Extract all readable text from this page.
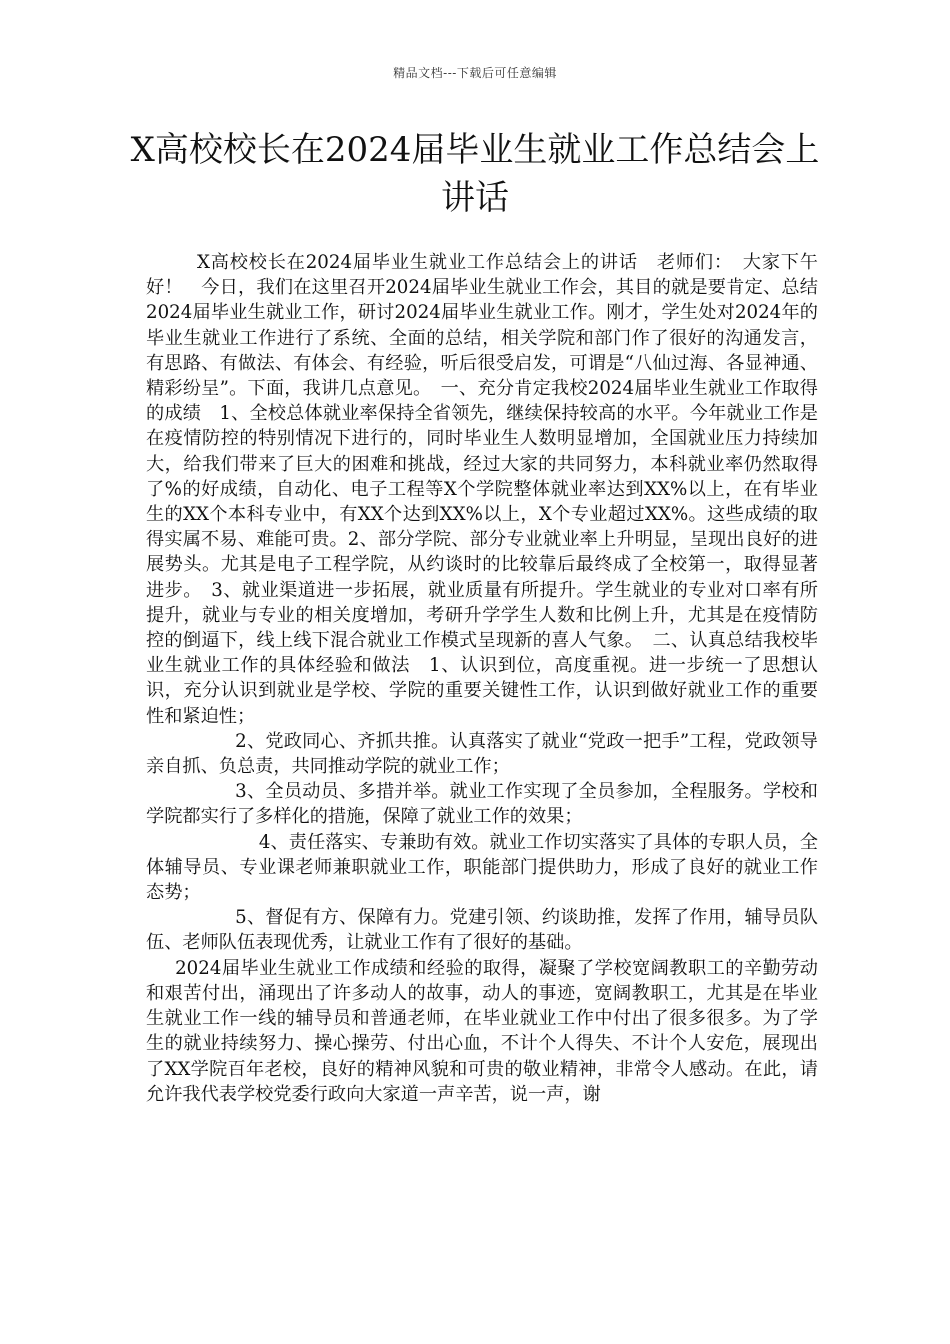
精品文档---下载后可任意编辑
X高校校长在2024届毕业生就业工作总结会上讲话

X高校校长在2024届毕业生就业工作总结会上的讲话　老师们：　大家下午好！　今日，我们在这里召开2024届毕业生就业工作会，其目的就是要肯定、总结2024届毕业生就业工作，研讨2024届毕业生就业工作。刚才，学生处对2024年的毕业生就业工作进行了系统、全面的总结，相关学院和部门作了很好的沟通发言，有思路、有做法、有体会、有经验，听后很受启发，可谓是“八仙过海、各显神通、精彩纷呈”。下面，我讲几点意见。　一、充分肯定我校2024届毕业生就业工作取得的成绩　1、全校总体就业率保持全省领先，继续保持较高的水平。今年就业工作是在疫情防控的特别情况下进行的，同时毕业生人数明显增加，全国就业压力持续加大，给我们带来了巨大的困难和挑战，经过大家的共同努力，本科就业率仍然取得了%的好成绩，自动化、电子工程等X个学院整体就业率达到XX%以上，在有毕业生的XX个本科专业中，有XX个达到XX%以上，X个专业超过XX%。这些成绩的取得实属不易、难能可贵。2、部分学院、部分专业就业率上升明显，呈现出良好的进展势头。尤其是电子工程学院，从约谈时的比较靠后最终成了全校第一，取得显著进步。　3、就业渠道进一步拓展，就业质量有所提升。学生就业的专业对口率有所提升，就业与专业的相关度增加，考研升学学生人数和比例上升，尤其是在疫情防控的倒逼下，线上线下混合就业工作模式呈现新的喜人气象。　二、认真总结我校毕业生就业工作的具体经验和做法　1、认识到位，高度重视。进一步统一了思想认识，充分认识到就业是学校、学院的重要关键性工作，认识到做好就业工作的重要性和紧迫性；

2、党政同心、齐抓共推。认真落实了就业“党政一把手”工程，党政领导亲自抓、负总责，共同推动学院的就业工作；

3、全员动员、多措并举。就业工作实现了全员参加，全程服务。学校和学院都实行了多样化的措施，保障了就业工作的效果；

4、责任落实、专兼助有效。就业工作切实落实了具体的专职人员，全体辅导员、专业课老师兼职就业工作，职能部门提供助力，形成了良好的就业工作态势；

5、督促有方、保障有力。党建引领、约谈助推，发挥了作用，辅导员队伍、老师队伍表现优秀，让就业工作有了很好的基础。

2024届毕业生就业工作成绩和经验的取得，凝聚了学校宽阔教职工的辛勤劳动和艰苦付出，涌现出了许多动人的故事，动人的事迹，宽阔教职工，尤其是在毕业生就业工作一线的辅导员和普通老师，在毕业就业工作中付出了很多很多。为了学生的就业持续努力、操心操劳、付出心血，不计个人得失、不计个人安危，展现出了XX学院百年老校，良好的精神风貌和可贵的敬业精神，非常令人感动。在此，请允许我代表学校党委行政向大家道一声辛苦，说一声，谢
